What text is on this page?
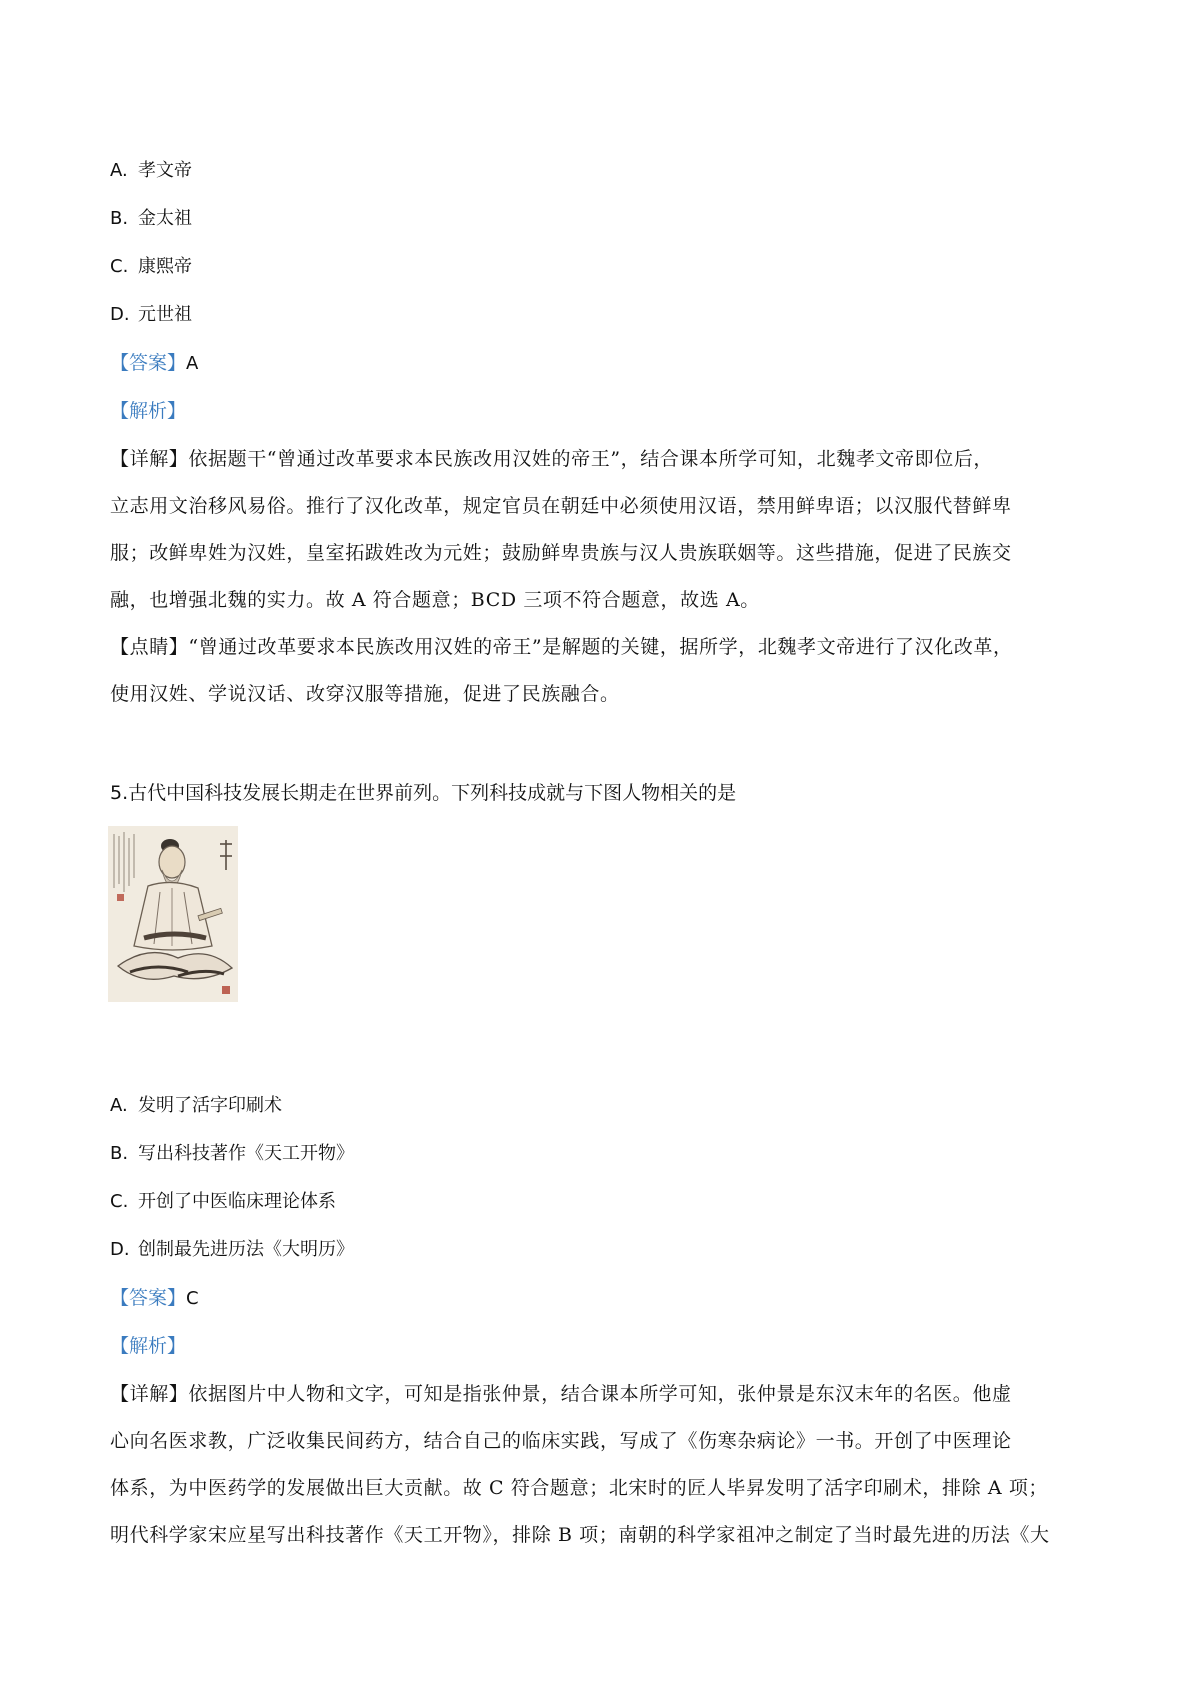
A. 孝文帝
B. 金太祖
C. 康熙帝
D. 元世祖
【答案】A
【解析】
【详解】依据题干“曾通过改革要求本民族改用汉姓的帝王”，结合课本所学可知，北魏孝文帝即位后，
立志用文治移风易俗。推行了汉化改革，规定官员在朝廷中必须使用汉语，禁用鲜卑语；以汉服代替鲜卑
服；改鲜卑姓为汉姓，皇室拓跋姓改为元姓；鼓励鲜卑贵族与汉人贵族联姻等。这些措施，促进了民族交
融，也增强北魏的实力。故 A 符合题意；BCD 三项不符合题意，故选 A。
【点睛】“曾通过改革要求本民族改用汉姓的帝王”是解题的关键，据所学，北魏孝文帝进行了汉化改革，
使用汉姓、学说汉话、改穿汉服等措施，促进了民族融合。
5.古代中国科技发展长期走在世界前列。下列科技成就与下图人物相关的是
A. 发明了活字印刷术
B. 写出科技著作《天工开物》
C. 开创了中医临床理论体系
D. 创制最先进历法《大明历》
【答案】C
【解析】
【详解】依据图片中人物和文字，可知是指张仲景，结合课本所学可知，张仲景是东汉末年的名医。他虚
心向名医求教，广泛收集民间药方，结合自己的临床实践，写成了《伤寒杂病论》一书。开创了中医理论
体系，为中医药学的发展做出巨大贡献。故 C 符合题意；北宋时的匠人毕昇发明了活字印刷术，排除 A 项；
明代科学家宋应星写出科技著作《天工开物》，排除 B 项；南朝的科学家祖冲之制定了当时最先进的历法《大
